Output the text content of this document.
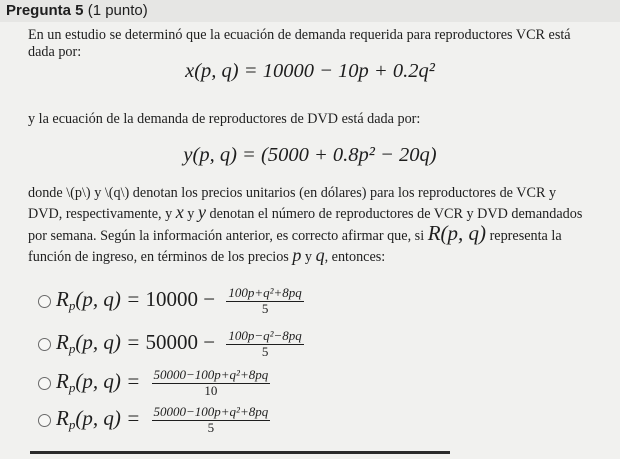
Pregunta 5 (1 punto)

En un estudio se determinó que la ecuación de demanda requerida para reproductores VCR está dada por:

x(p, q) = 10000 − 10p + 0.2q²

y la ecuación de la demanda de reproductores de DVD está dada por:

y(p, q) = (5000 + 0.8p² − 20q)
donde \(p\) y \(q\) denotan los precios unitarios (en dólares) para los reproductores de VCR y DVD, respectivamente, y x y y denotan el número de reproductores de VCR y DVD demandados por semana. Según la información anterior, es correcto afirmar que, si R(p, q) representa la función de ingreso, en términos de los precios p y q, entonces:
$R_p(p$, $q) = 10000 - \frac{\text{100p+q²+8pq}}{5}$
$R_p(p$, $q) = 50000 - \frac{\text{100p−q²−8pq}}{5}$
$R_p(p$, $q) = \frac{\text{50000−100p+q²+8pq}}{10}$
$R_p(p$, $q) = \frac{\text{50000−100p+q²+8pq}}{5}$
